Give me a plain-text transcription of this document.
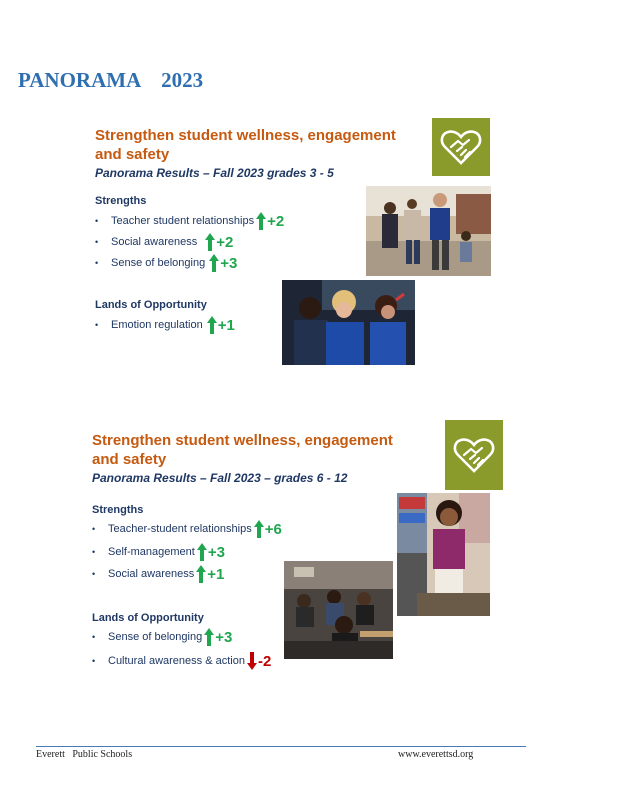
PANORAMA    2023
Strengthen student wellness, engagement
and safety
Panorama Results – Fall 2023 grades 3 - 5
Strengths
•	Teacher student relationships +2
•	Social awareness +2
•	Sense of belonging +3
Lands of Opportunity
•	Emotion regulation +1
Strengthen student wellness, engagement
and safety
Panorama Results – Fall 2023 – grades 6 - 12
Strengths
•	Teacher-student relationships +6
•	Self-management +3
•	Social awareness +1
Lands of Opportunity
•	Sense of belonging +3
•	Cultural awareness & action -2
Everett   Public Schools	www.everettsd.org
